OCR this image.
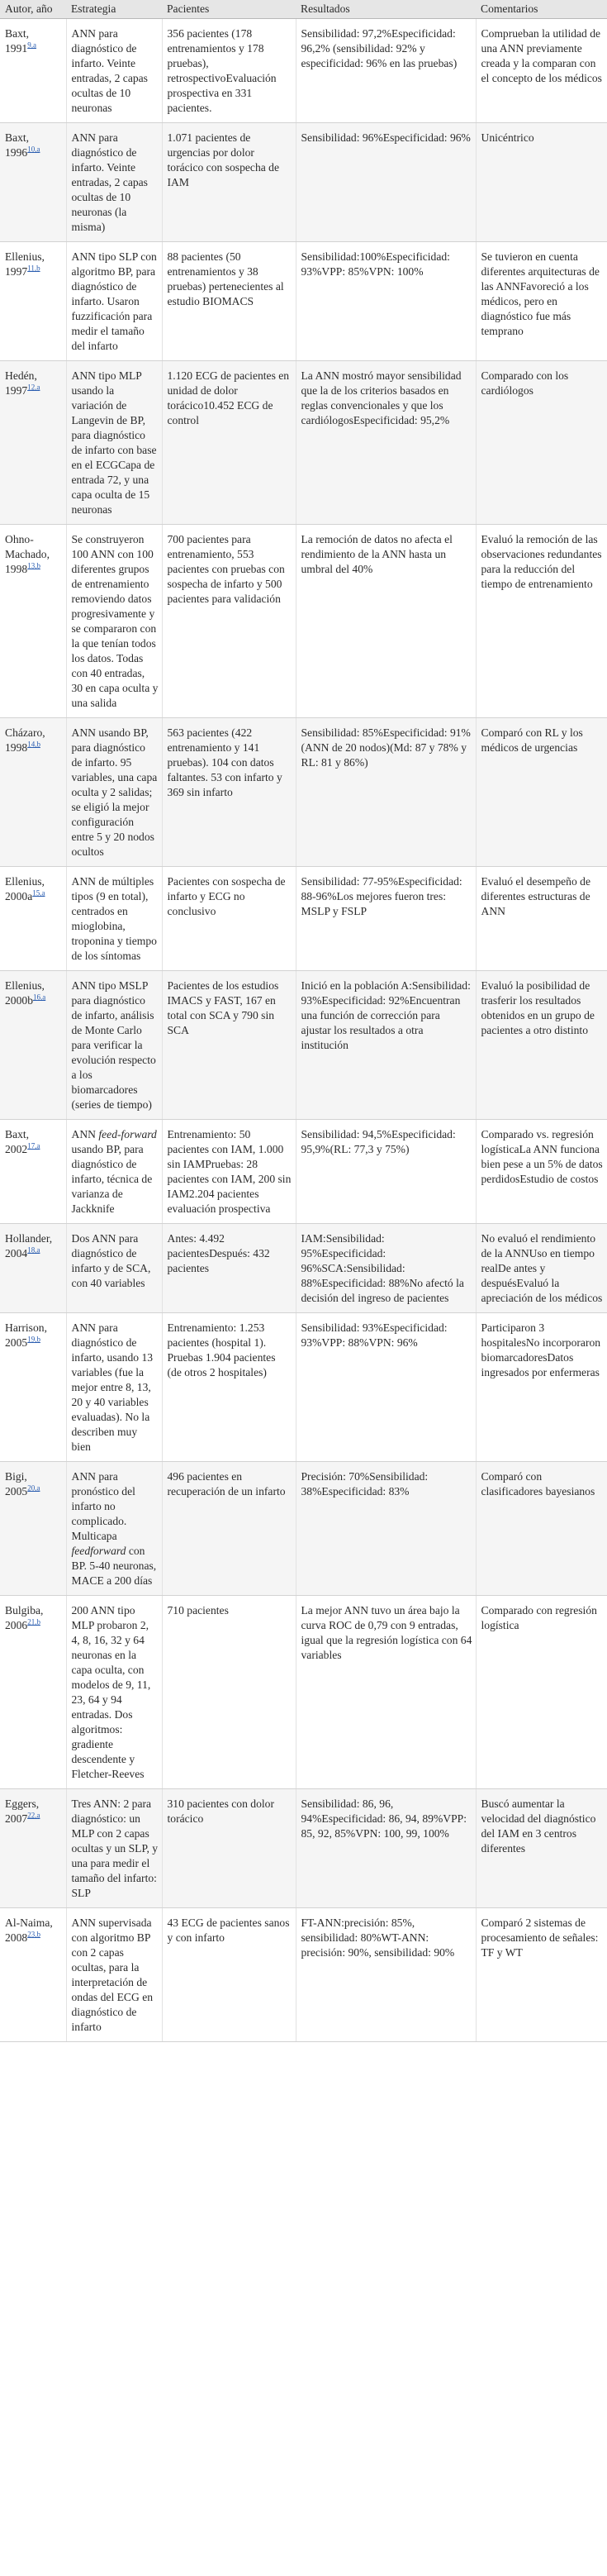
Autor, año	Estrategia	Pacientes	Resultados	Comentarios
Baxt, 1991$^{9,a}$	ANN para diagnóstico de infarto. Veinte entradas, 2 capas ocultas de 10 neuronas	356 pacientes (178 entrenamientos y 178 pruebas), retrospectivoEvaluación prospectiva en 331 pacientes.	Sensibilidad: 97,2%Especificidad: 96,2% (sensibilidad: 92% y especificidad: 96% en las pruebas)	Comprueban la utilidad de una ANN previamente creada y la comparan con el concepto de los médicos
Baxt, 1996$^{10,a}$	ANN para diagnóstico de infarto. Veinte entradas, 2 capas ocultas de 10 neuronas (la misma)	1.071 pacientes de urgencias por dolor torácico con sospecha de IAM	Sensibilidad: 96%Especificidad: 96%	Unicéntrico
Ellenius, 1997$^{11,b}$	ANN tipo SLP con algoritmo BP, para diagnóstico de infarto. Usaron fuzzificación para medir el tamaño del infarto	88 pacientes (50 entrenamientos y 38 pruebas) pertenecientes al estudio BIOMACS	Sensibilidad:100%Especificidad: 93%VPP: 85%VPN: 100%	Se tuvieron en cuenta diferentes arquitecturas de las ANNFavoreció a los médicos, pero en diagnóstico fue más temprano
Hedén, 1997$^{12,a}$	ANN tipo MLP usando la variación de Langevin de BP, para diagnóstico de infarto con base en el ECGCapa de entrada 72, y una capa oculta de 15 neuronas	1.120 ECG de pacientes en unidad de dolor torácico10.452 ECG de control	La ANN mostró mayor sensibilidad que la de los criterios basados en reglas convencionales y que los cardiólogosEspecificidad: 95,2%	Comparado con los cardiólogos
Ohno-Machado, 1998$^{13,b}$	Se construyeron 100 ANN con 100 diferentes grupos de entrenamiento removiendo datos progresivamente y se compararon con la que tenían todos los datos. Todas con 40 entradas, 30 en capa oculta y una salida	700 pacientes para entrenamiento, 553 pacientes con pruebas con sospecha de infarto y 500 pacientes para validación	La remoción de datos no afecta el rendimiento de la ANN hasta un umbral del 40%	Evaluó la remoción de las observaciones redundantes para la reducción del tiempo de entrenamiento
Cházaro, 1998$^{14,b}$	ANN usando BP, para diagnóstico de infarto. 95 variables, una capa oculta y 2 salidas; se eligió la mejor configuración entre 5 y 20 nodos ocultos	563 pacientes (422 entrenamiento y 141 pruebas). 104 con datos faltantes. 53 con infarto y 369 sin infarto	Sensibilidad: 85%Especificidad: 91%(ANN de 20 nodos)(Md: 87 y 78% y RL: 81 y 86%)	Comparó con RL y los médicos de urgencias
Ellenius, 2000a$^{15,a}$	ANN de múltiples tipos (9 en total), centrados en mioglobina, troponina y tiempo de los síntomas	Pacientes con sospecha de infarto y ECG no conclusivo	Sensibilidad: 77-95%Especificidad: 88-96%Los mejores fueron tres: MSLP y FSLP	Evaluó el desempeño de diferentes estructuras de ANN
Ellenius, 2000b$^{16,a}$	ANN tipo MSLP para diagnóstico de infarto, análisis de Monte Carlo para verificar la evolución respecto a los biomarcadores (series de tiempo)	Pacientes de los estudios IMACS y FAST, 167 en total con SCA y 790 sin SCA	Inició en la población A:Sensibilidad: 93%Especificidad: 92%Encuentran una función de corrección para ajustar los resultados a otra institución	Evaluó la posibilidad de trasferir los resultados obtenidos en un grupo de pacientes a otro distinto
Baxt, 2002$^{17,a}$	ANN feed-forward usando BP, para diagnóstico de infarto, técnica de varianza de Jackknife	Entrenamiento: 50 pacientes con IAM, 1.000 sin IAMPruebas: 28 pacientes con IAM, 200 sin IAM2.204 pacientes evaluación prospectiva	Sensibilidad: 94,5%Especificidad: 95,9%(RL: 77,3 y 75%)	Comparado vs. regresión logísticaLa ANN funciona bien pese a un 5% de datos perdidosEstudio de costos
Hollander, 2004$^{18,a}$	Dos ANN para diagnóstico de infarto y de SCA, con 40 variables	Antes: 4.492 pacientesDespués: 432 pacientes	IAM:Sensibilidad: 95%Especificidad: 96%SCA:Sensibilidad: 88%Especificidad: 88%No afectó la decisión del ingreso de pacientes	No evaluó el rendimiento de la ANNUso en tiempo realDe antes y despuésEvaluó la apreciación de los médicos
Harrison, 2005$^{19,b}$	ANN para diagnóstico de infarto, usando 13 variables (fue la mejor entre 8, 13, 20 y 40 variables evaluadas). No la describen muy bien	Entrenamiento: 1.253 pacientes (hospital 1). Pruebas 1.904 pacientes (de otros 2 hospitales)	Sensibilidad: 93%Especificidad: 93%VPP: 88%VPN: 96%	Participaron 3 hospitalesNo incorporaron biomarcadoresDatos ingresados por enfermeras
Bigi, 2005$^{20,a}$	ANN para pronóstico del infarto no complicado. Multicapa feedforward con BP. 5-40 neuronas, MACE a 200 días	496 pacientes en recuperación de un infarto	Precisión: 70%Sensibilidad: 38%Especificidad: 83%	Comparó con clasificadores bayesianos
Bulgiba, 2006$^{21,b}$	200 ANN tipo MLP probaron 2, 4, 8, 16, 32 y 64 neuronas en la capa oculta, con modelos de 9, 11, 23, 64 y 94 entradas. Dos algoritmos: gradiente descendente y Fletcher-Reeves	710 pacientes	La mejor ANN tuvo un área bajo la curva ROC de 0,79 con 9 entradas, igual que la regresión logística con 64 variables	Comparado con regresión logística
Eggers, 2007$^{22,a}$	Tres ANN: 2 para diagnóstico: un MLP con 2 capas ocultas y un SLP, y una para medir el tamaño del infarto: SLP	310 pacientes con dolor torácico	Sensibilidad: 86, 96, 94%Especificidad: 86, 94, 89%VPP: 85, 92, 85%VPN: 100, 99, 100%	Buscó aumentar la velocidad del diagnóstico del IAM en 3 centros diferentes
Al-Naima, 2008$^{23,b}$	ANN supervisada con algoritmo BP con 2 capas ocultas, para la interpretación de ondas del ECG en diagnóstico de infarto	43 ECG de pacientes sanos y con infarto	FT-ANN:precisión: 85%, sensibilidad: 80%WT-ANN: precisión: 90%, sensibilidad: 90%	Comparó 2 sistemas de procesamiento de señales: TF y WT
